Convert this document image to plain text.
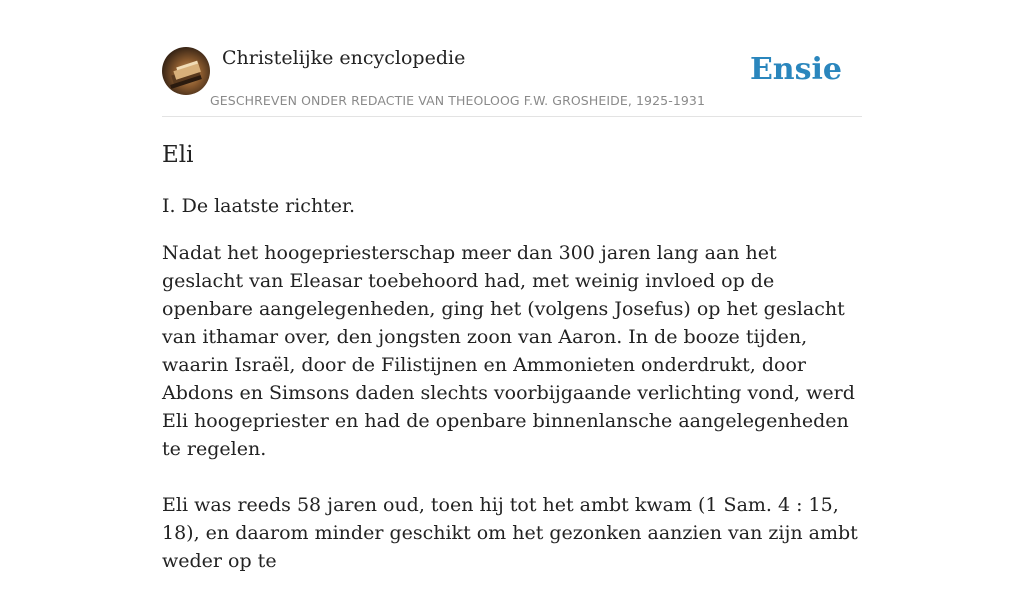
Christelijke encyclopedie
GESCHREVEN ONDER REDACTIE VAN THEOLOOG F.W. GROSHEIDE, 1925-1931
Ensie
Eli

I. De laatste richter.

Nadat het hoogepriesterschap meer dan 300 jaren lang aan het geslacht van Eleasar toebehoord had, met weinig invloed op de openbare aangelegenheden, ging het (volgens Josefus) op het geslacht van ithamar over, den jongsten zoon van Aaron. In de booze tijden, waarin Israël, door de Filistijnen en Ammonieten onderdrukt, door Abdons en Simsons daden slechts voorbijgaande verlichting vond, werd Eli hoogepriester en had de openbare binnenlansche aangelegenheden te regelen.

Eli was reeds 58 jaren oud, toen hij tot het ambt kwam (1 Sam. 4 : 15, 18), en daarom minder geschikt om het gezonken aanzien van zijn ambt weder op te
